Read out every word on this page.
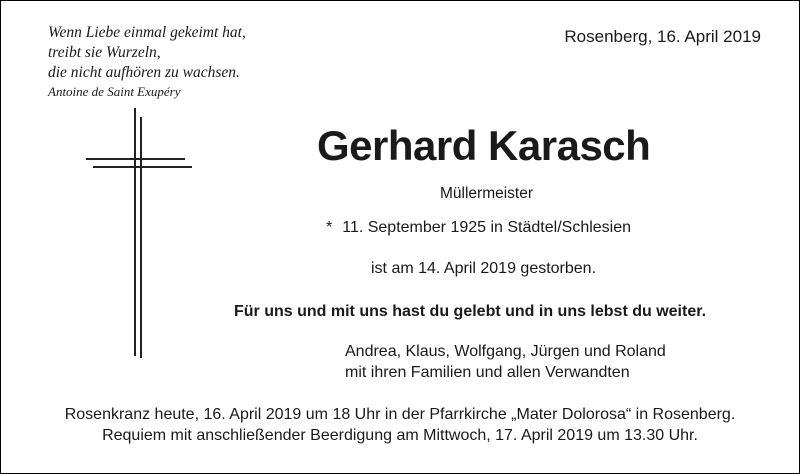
Wenn Liebe einmal gekeimt hat,
treibt sie Wurzeln,
die nicht aufhören zu wachsen.
Antoine de Saint Exupéry
Rosenberg, 16. April 2019
Gerhard Karasch
Müllermeister
* 11. September 1925 in Städtel/Schlesien
ist am 14. April 2019 gestorben.
Für uns und mit uns hast du gelebt und in uns lebst du weiter.
Andrea, Klaus, Wolfgang, Jürgen und Roland
mit ihren Familien und allen Verwandten
Rosenkranz heute, 16. April 2019 um 18 Uhr in der Pfarrkirche „Mater Dolorosa“ in Rosenberg.
Requiem mit anschließender Beerdigung am Mittwoch, 17. April 2019 um 13.30 Uhr.
